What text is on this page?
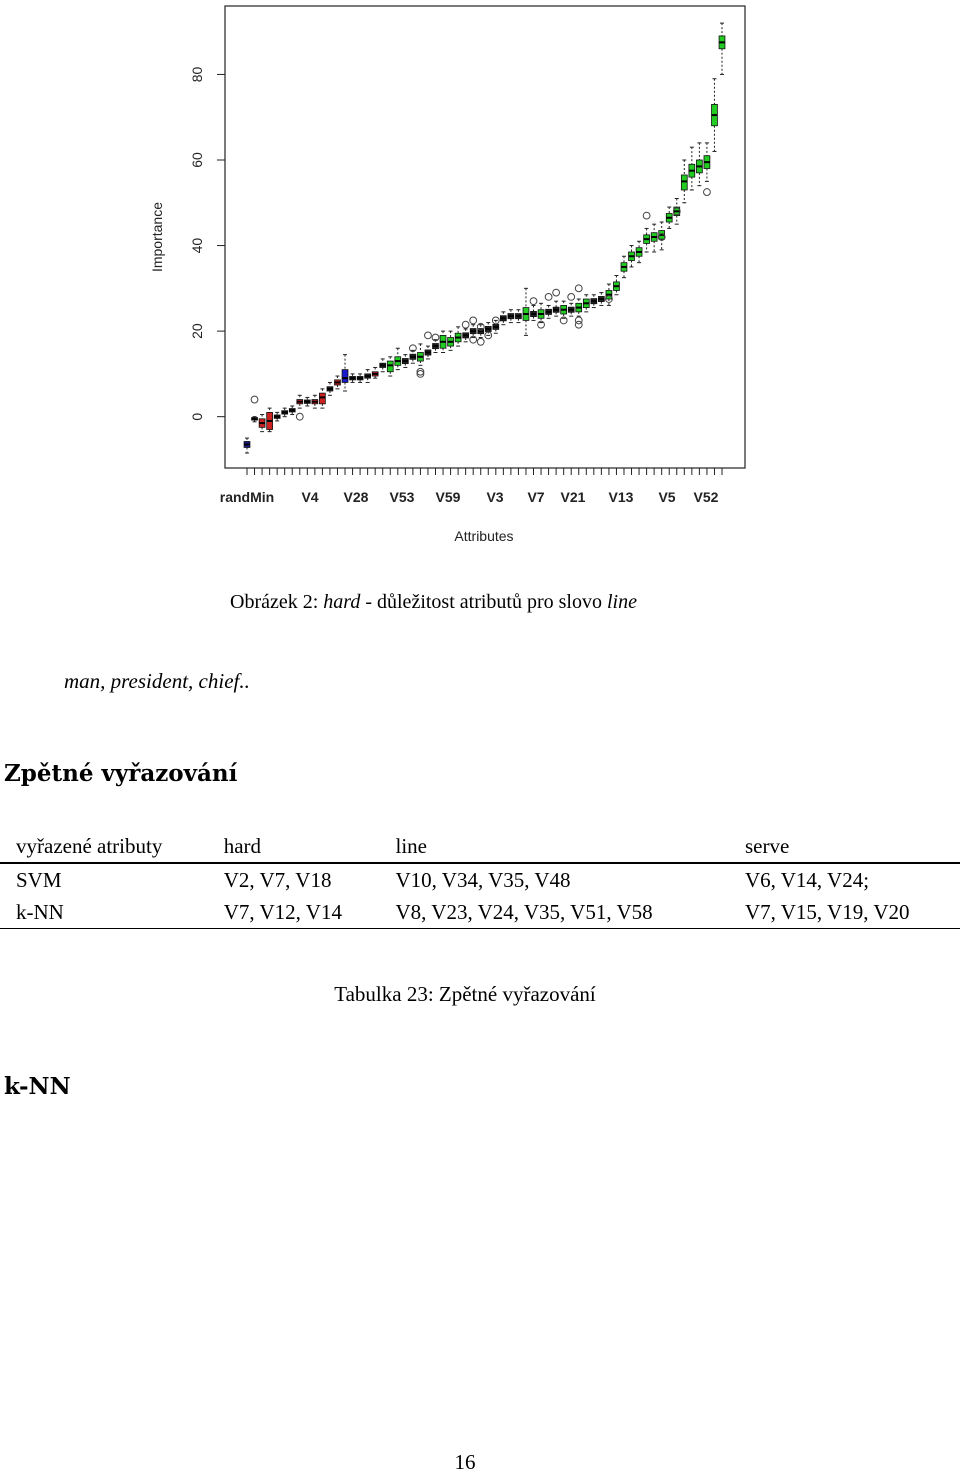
0
20
40
60
80
Importance
randMin V4 V28 V53 V59 V3 V7 V21 V13 V5 V52
Attributes
Obrázek 2: hard - důležitost atributů pro slovo line
man, president, chief..
Zpětné vyřazování
vyřazené atributy	hard	line	serve
SVM	V2, V7, V18	V10, V34, V35, V48	V6, V14, V24;
k-NN	V7, V12, V14	V8, V23, V24, V35, V51, V58	V7, V15, V19, V20
Tabulka 23: Zpětné vyřazování
k-NN
16
